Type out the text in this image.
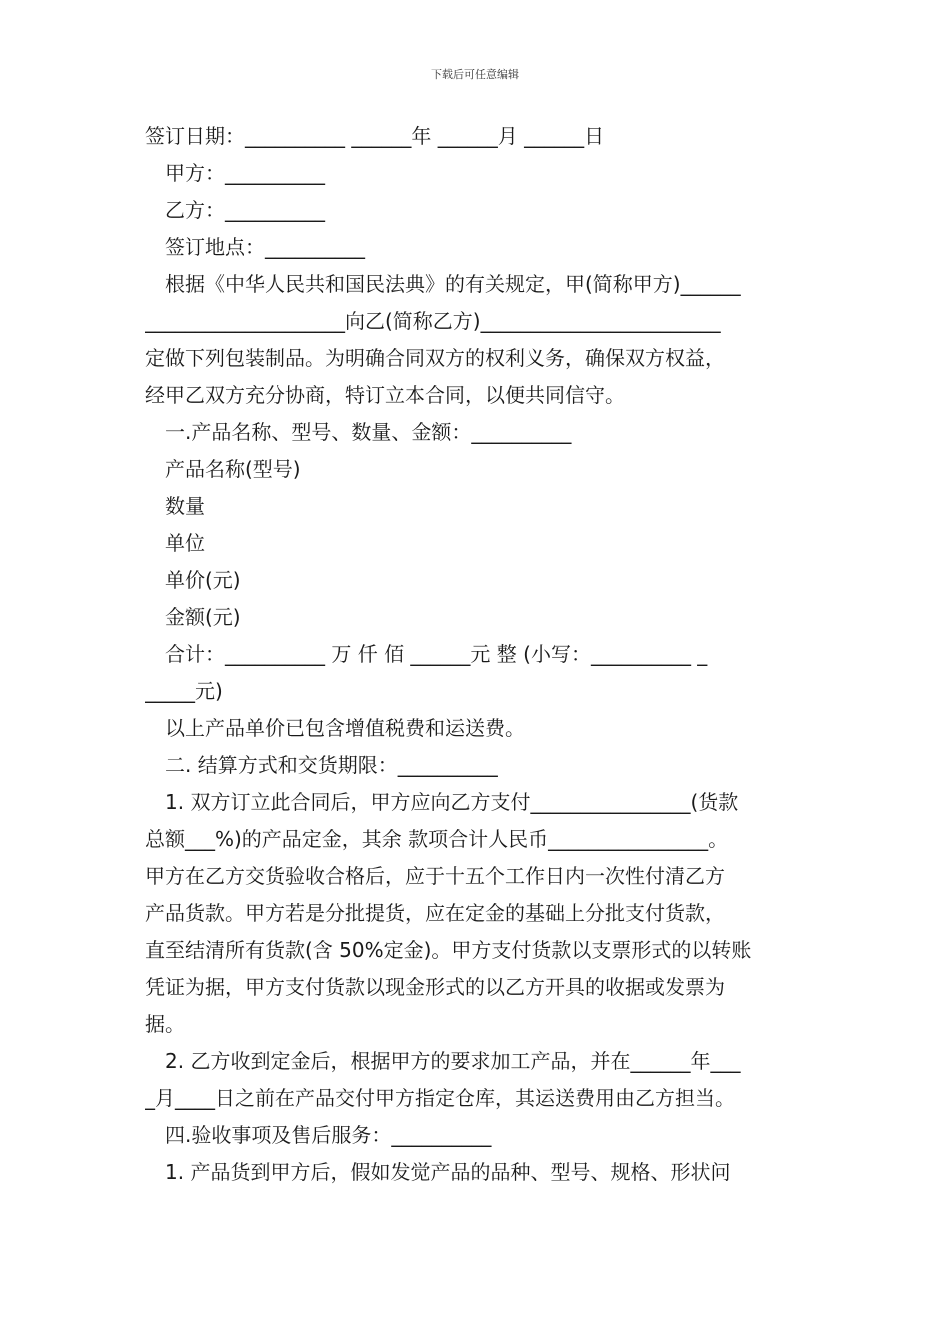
下载后可任意编辑
签订日期：__________ ______年 ______月 ______日
甲方：__________
乙方：__________
签订地点：__________
根据《中华人民共和国民法典》的有关规定，甲(简称甲方)______
____________________向乙(简称乙方)________________________
定做下列包装制品。为明确合同双方的权利义务，确保双方权益，
经甲乙双方充分协商，特订立本合同，以便共同信守。
一.产品名称、型号、数量、金额：__________
产品名称(型号)
数量
单位
单价(元)
金额(元)
合计：__________ 万 仟 佰 ______元 整 (小写：__________ _
_____元)
以上产品单价已包含增值税费和运送费。
二. 结算方式和交货期限：__________
1. 双方订立此合同后，甲方应向乙方支付________________(货款
总额___%)的产品定金，其余 款项合计人民币________________。
甲方在乙方交货验收合格后，应于十五个工作日内一次性付清乙方
产品货款。甲方若是分批提货，应在定金的基础上分批支付货款，
直至结清所有货款(含 50%定金)。甲方支付货款以支票形式的以转账
凭证为据，甲方支付货款以现金形式的以乙方开具的收据或发票为
据。
2. 乙方收到定金后，根据甲方的要求加工产品，并在______年___
_月____日之前在产品交付甲方指定仓库，其运送费用由乙方担当。
四.验收事项及售后服务：__________
1. 产品货到甲方后，假如发觉产品的品种、型号、规格、形状问
